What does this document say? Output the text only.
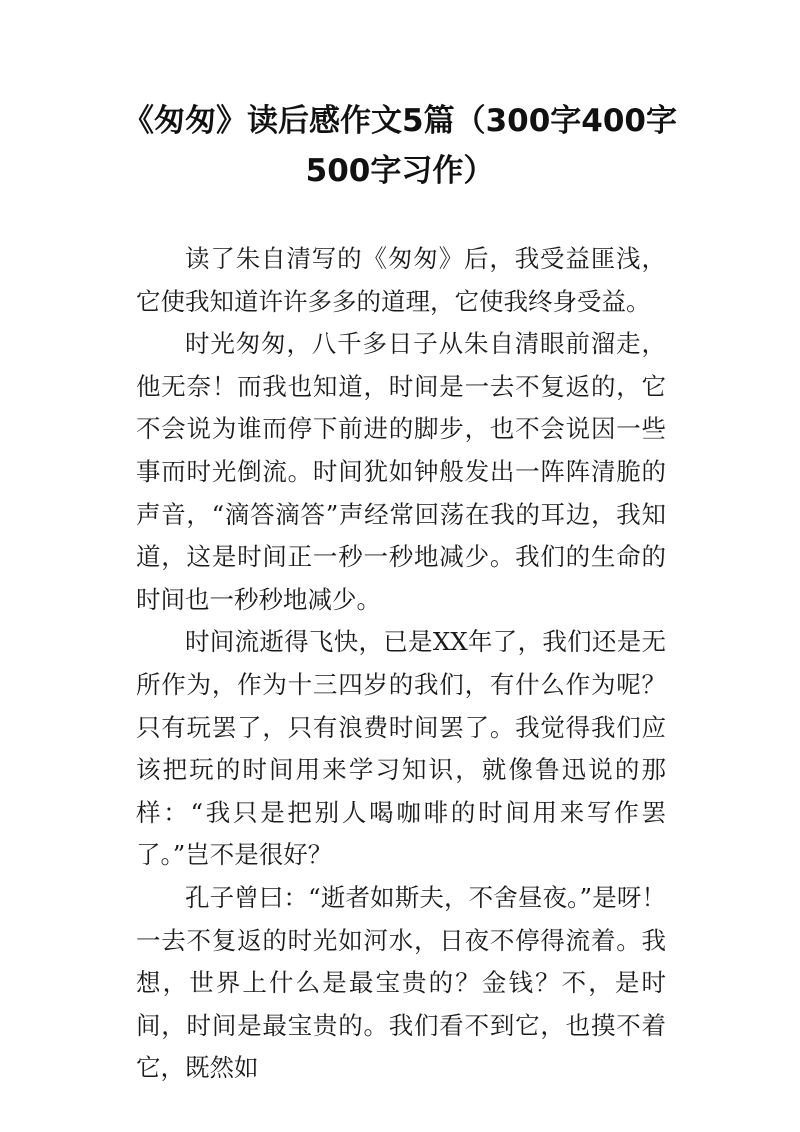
《匆匆》读后感作文5篇（300字400字500字习作）

读了朱自清写的《匆匆》后，我受益匪浅，它使我知道许许多多的道理，它使我终身受益。

时光匆匆，八千多日子从朱自清眼前溜走，他无奈！而我也知道，时间是一去不复返的，它不会说为谁而停下前进的脚步，也不会说因一些事而时光倒流。时间犹如钟般发出一阵阵清脆的声音，“滴答滴答”声经常回荡在我的耳边，我知道，这是时间正一秒一秒地减少。我们的生命的时间也一秒秒地减少。

时间流逝得飞快，已是XX年了，我们还是无所作为，作为十三四岁的我们，有什么作为呢？只有玩罢了，只有浪费时间罢了。我觉得我们应该把玩的时间用来学习知识，就像鲁迅说的那样：“我只是把别人喝咖啡的时间用来写作罢了。”岂不是很好？

孔子曾曰：“逝者如斯夫，不舍昼夜。”是呀！一去不复返的时光如河水，日夜不停得流着。我想，世界上什么是最宝贵的？金钱？不，是时间，时间是最宝贵的。我们看不到它，也摸不着它，既然如
